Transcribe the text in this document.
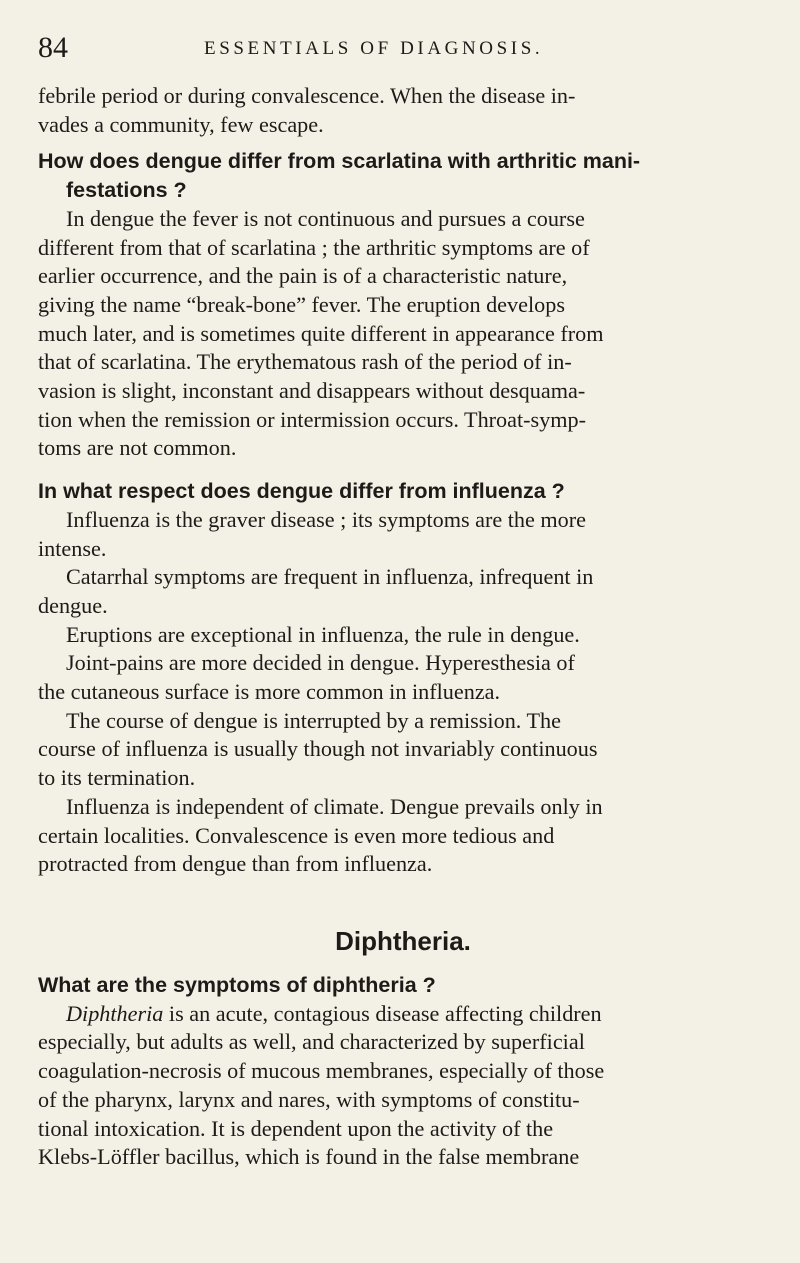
84	ESSENTIALS OF DIAGNOSIS.

febrile period or during convalescence. When the disease in-

vades a community, few escape.

How does dengue differ from scarlatina with arthritic mani-
festations ?

In dengue the fever is not continuous and pursues a course

different from that of scarlatina ; the arthritic symptoms are of

earlier occurrence, and the pain is of a characteristic nature,

giving the name “break-bone” fever. The eruption develops

much later, and is sometimes quite different in appearance from

that of scarlatina. The erythematous rash of the period of in-

vasion is slight, inconstant and disappears without desquama-

tion when the remission or intermission occurs. Throat-symp-

toms are not common.

In what respect does dengue differ from influenza ?

Influenza is the graver disease ; its symptoms are the more

intense.

Catarrhal symptoms are frequent in influenza, infrequent in

dengue.

Eruptions are exceptional in influenza, the rule in dengue.

Joint-pains are more decided in dengue. Hyperesthesia of

the cutaneous surface is more common in influenza.

The course of dengue is interrupted by a remission. The

course of influenza is usually though not invariably continuous

to its termination.

Influenza is independent of climate. Dengue prevails only in

certain localities. Convalescence is even more tedious and

protracted from dengue than from influenza.

Diphtheria.

What are the symptoms of diphtheria ?

Diphtheria is an acute, contagious disease affecting children

especially, but adults as well, and characterized by superficial

coagulation-necrosis of mucous membranes, especially of those

of the pharynx, larynx and nares, with symptoms of constitu-

tional intoxication. It is dependent upon the activity of the

Klebs-Löffler bacillus, which is found in the false membrane
